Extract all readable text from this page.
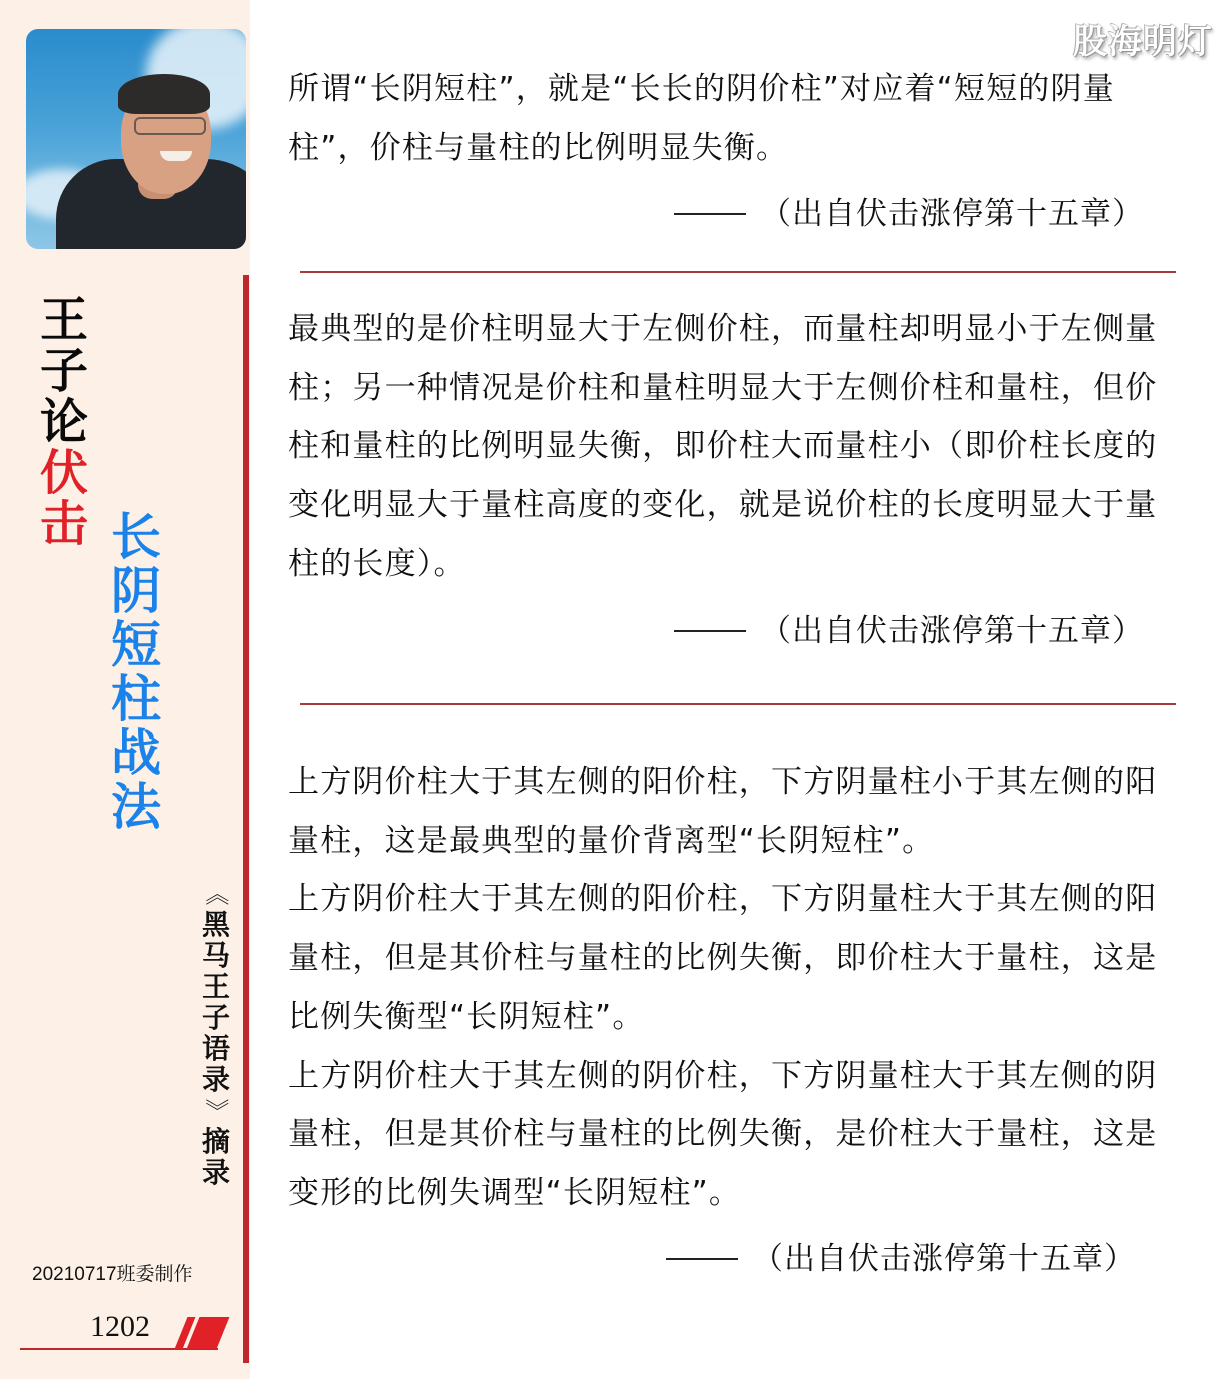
王
子
论
伏
击 长
阴
短
柱
战
法
《
黑
马
王
子
语
录
》
摘
录
20210717班委制作
1202
股海明灯

所谓“长阴短柱”，就是“长长的阴价柱”对应着“短短的阴量柱”，价柱与量柱的比例明显失衡。

（出自伏击涨停第十五章）

最典型的是价柱明显大于左侧价柱，而量柱却明显小于左侧量柱；另一种情况是价柱和量柱明显大于左侧价柱和量柱，但价柱和量柱的比例明显失衡，即价柱大而量柱小（即价柱长度的变化明显大于量柱高度的变化，就是说价柱的长度明显大于量柱的长度）。

（出自伏击涨停第十五章）

上方阴价柱大于其左侧的阳价柱，下方阴量柱小于其左侧的阳量柱，这是最典型的量价背离型“长阴短柱”。

上方阴价柱大于其左侧的阳价柱，下方阴量柱大于其左侧的阳量柱，但是其价柱与量柱的比例失衡，即价柱大于量柱，这是比例失衡型“长阴短柱”。

上方阴价柱大于其左侧的阴价柱，下方阴量柱大于其左侧的阴量柱，但是其价柱与量柱的比例失衡，是价柱大于量柱，这是变形的比例失调型“长阴短柱”。

（出自伏击涨停第十五章）
